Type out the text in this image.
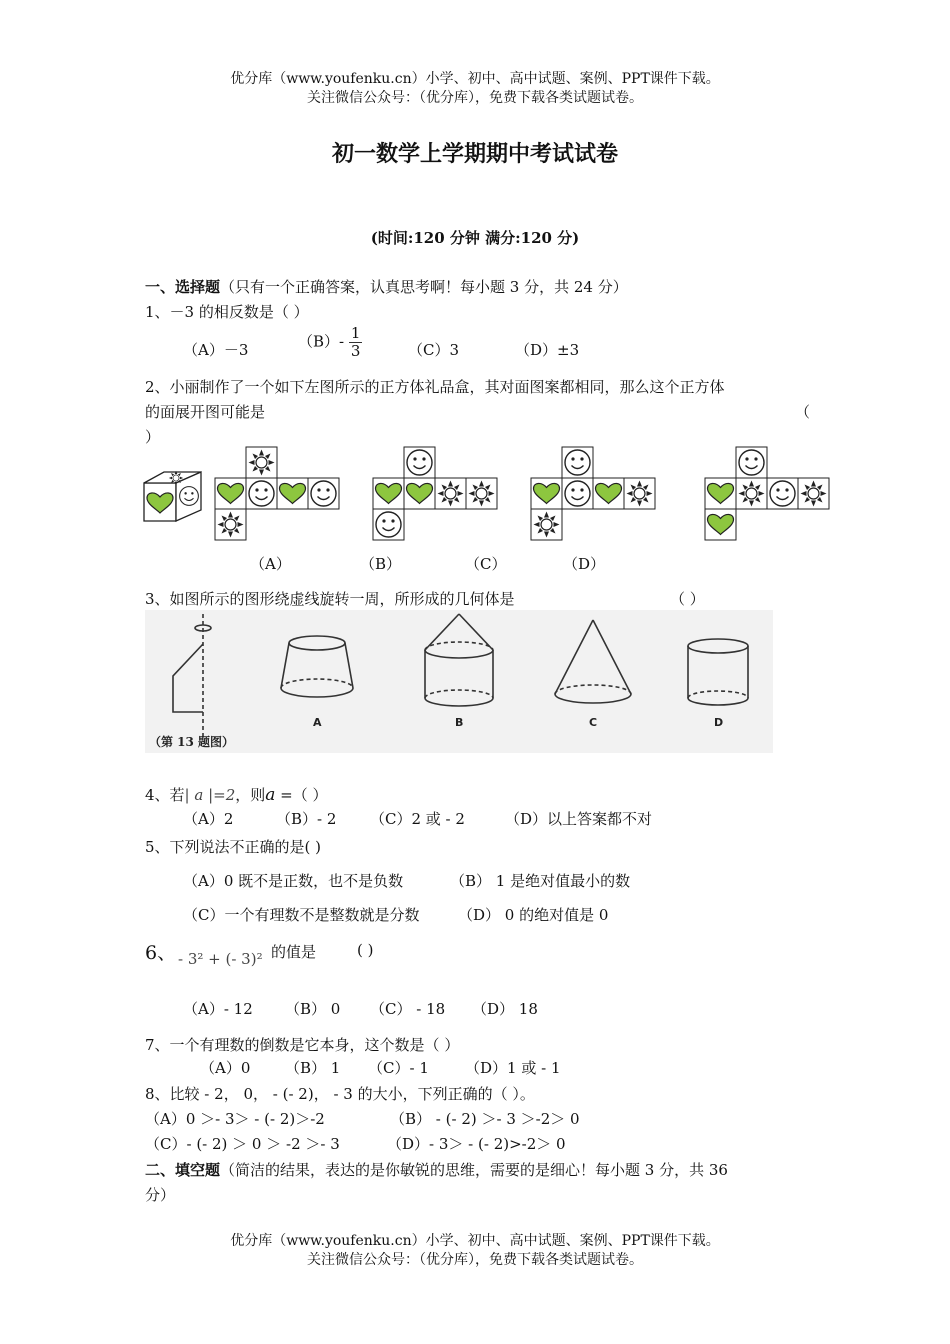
优分库（www.youfenku.cn）小学、初中、高中试题、案例、PPT课件下载。
关注微信公众号：（优分库），免费下载各类试题试卷。
初一数学上学期期中考试试卷
(时间:120 分钟 满分:120 分)
一、选择题（只有一个正确答案，认真思考啊！每小题 3 分，共 24 分）
1、－3 的相反数是（ ）
（A）－3	$(B)- \frac{1}{3}$	（C）3	（D）±3
2、小丽制作了一个如下左图所示的正方体礼品盒，其对面图案都相同，那么这个正方体
的面展开图可能是	（
）
（A）	（B）	（C）	（D）
3、如图所示的图形绕虚线旋转一周，所形成的几何体是	（ ）
（第 13 题图）
A	B	C	D
4、若| a |=2，则a =（ ）
（A）2	（B）- 2 （C）2 或 - 2	（D）以上答案都不对
5、下列说法不正确的是( )
（A）0 既不是正数，也不是负数	（B） 1 是绝对值最小的数
（C）一个有理数不是整数就是分数	（D） 0 的绝对值是 0
6、 - 3² + (- 3)² 的值是	( )
（A）- 12 （B） 0 （C） - 18 （D） 18
7、一个有理数的倒数是它本身，这个数是（ ）
（A）0 （B） 1 （C）- 1 （D）1 或 - 1
8、比较 - 2， 0， - (- 2)， - 3 的大小，下列正确的（ ）。
（A）0 ＞- 3＞ - (- 2)＞-2	（B） - (- 2) ＞- 3 ＞-2＞ 0
（C）- (- 2) ＞ 0 ＞ -2 ＞- 3	（D）- 3＞ - (- 2)>-2＞ 0
二、填空题（简洁的结果，表达的是你敏锐的思维，需要的是细心！每小题 3 分，共 36
分）
优分库（www.youfenku.cn）小学、初中、高中试题、案例、PPT课件下载。
关注微信公众号：（优分库），免费下载各类试题试卷。
